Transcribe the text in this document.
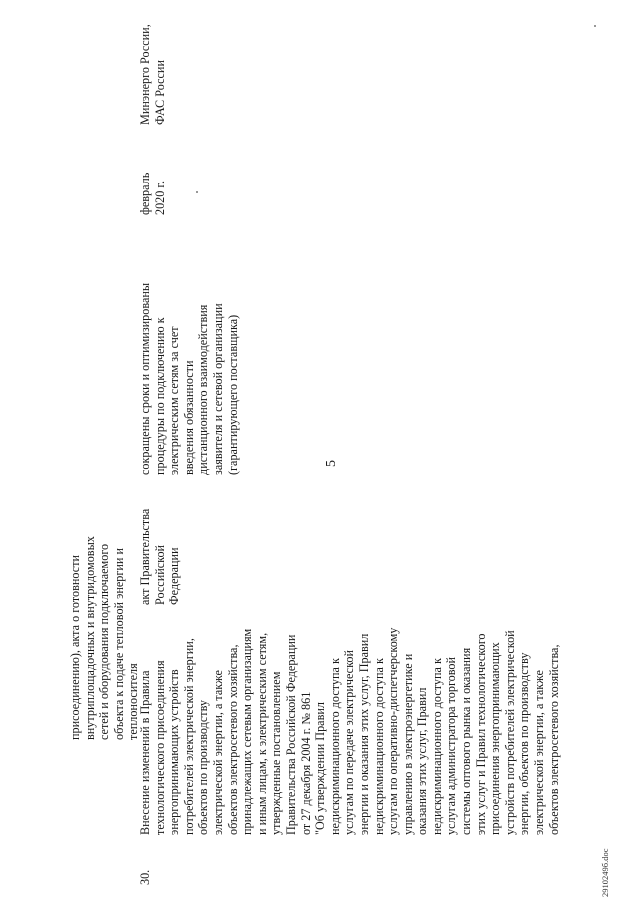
присоединению), акта о готовности
внутриплощадочных и внутридомовых
сетей и оборудования подключаемого
объекта к подаче тепловой энергии и
теплоносителя
30.
Внесение изменений в Правила
технологического присоединения
энергопринимающих устройств
потребителей электрической энергии,
объектов по производству
электрической энергии, а также
объектов электросетевого хозяйства,
принадлежащих сетевым организациям
и иным лицам, к электрическим сетям,
утвержденные постановлением
Правительства Российской Федерации
от 27 декабря 2004 г. № 861
"Об утверждении Правил
недискриминационного доступа к
услугам по передаче электрической
энергии и оказания этих услуг, Правил
недискриминационного доступа к
услугам по оперативно-диспетчерскому
управлению в электроэнергетике и
оказания этих услуг, Правил
недискриминационного доступа к
услугам администратора торговой
системы оптового рынка и оказания
этих услуг и Правил технологического
присоединения энергопринимающих
устройств потребителей электрической
энергии, объектов по производству
электрической энергии, а также
объектов электросетевого хозяйства,
акт Правительства
Российской
Федерации
сокращены сроки и оптимизированы
процедуры по подключению к
электрическим сетям за счет
введения обязанности
дистанционного взаимодействия
заявителя и сетевой организации
(гарантирующего поставщика)
февраль
2020 г.
Минэнерго России,
ФАС России
5
2910249б.doc
